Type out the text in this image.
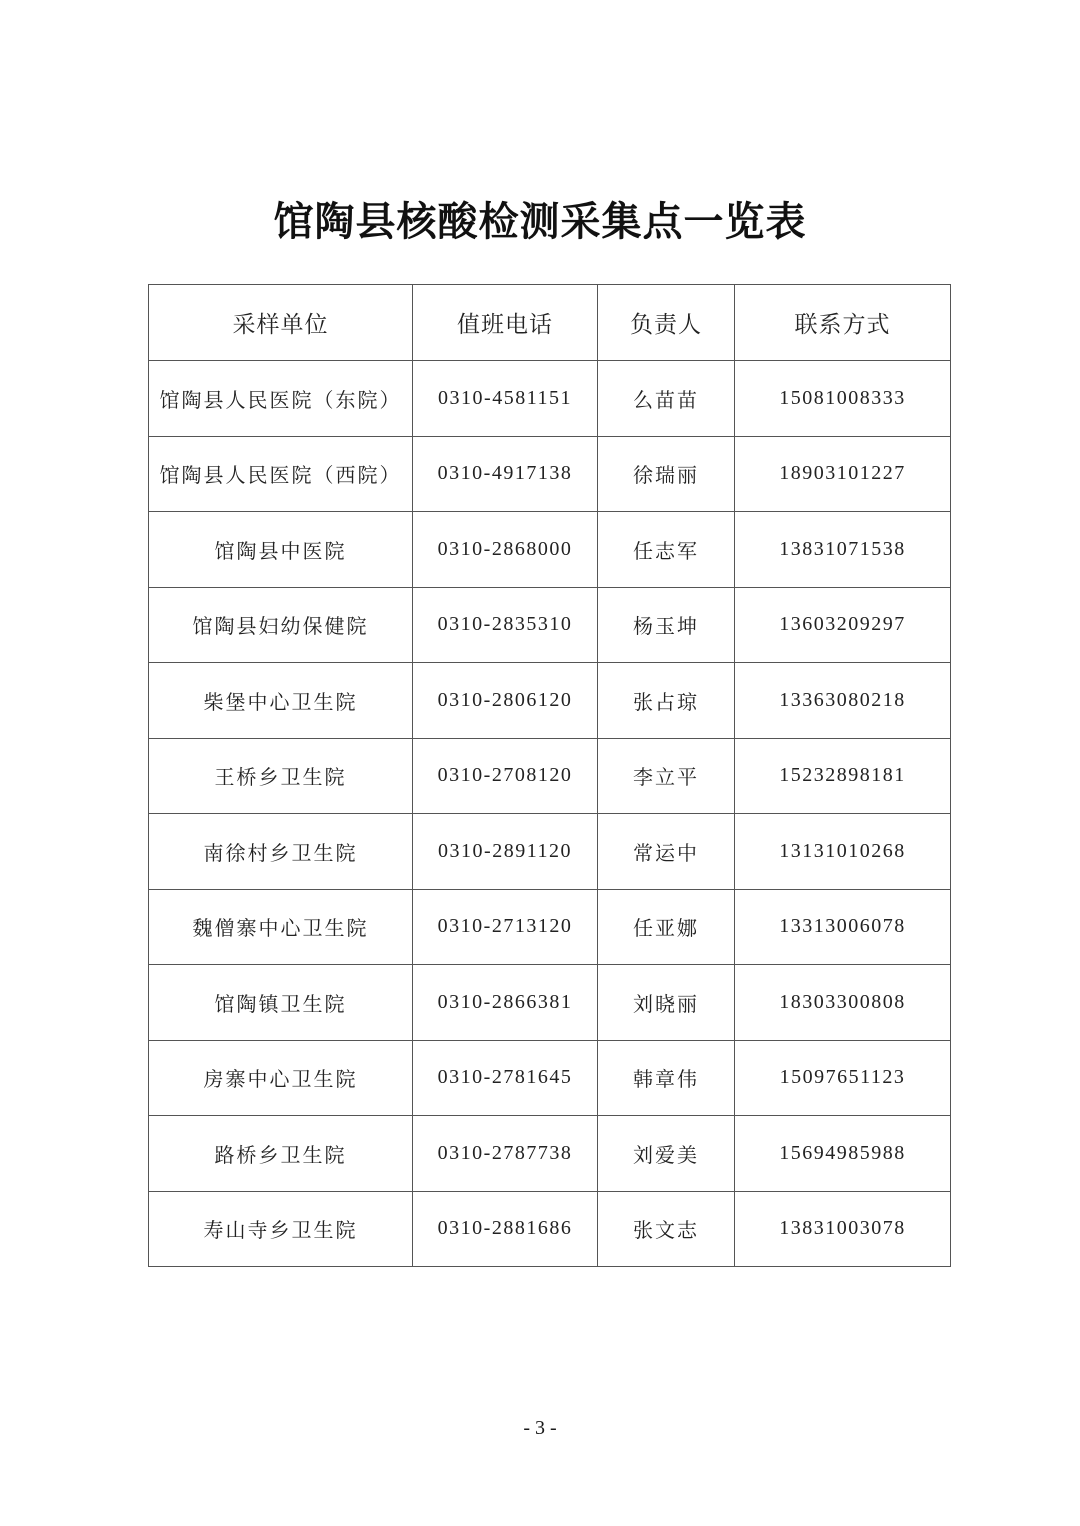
馆陶县核酸检测采集点一览表
采样单位	值班电话	负责人	联系方式
馆陶县人民医院（东院）	0310-4581151	么苗苗	15081008333
馆陶县人民医院（西院）	0310-4917138	徐瑞丽	18903101227
馆陶县中医院	0310-2868000	任志军	13831071538
馆陶县妇幼保健院	0310-2835310	杨玉坤	13603209297
柴堡中心卫生院	0310-2806120	张占琼	13363080218
王桥乡卫生院	0310-2708120	李立平	15232898181
南徐村乡卫生院	0310-2891120	常运中	13131010268
魏僧寨中心卫生院	0310-2713120	任亚娜	13313006078
馆陶镇卫生院	0310-2866381	刘晓丽	18303300808
房寨中心卫生院	0310-2781645	韩章伟	15097651123
路桥乡卫生院	0310-2787738	刘爱美	15694985988
寿山寺乡卫生院	0310-2881686	张文志	13831003078
- 3 -
